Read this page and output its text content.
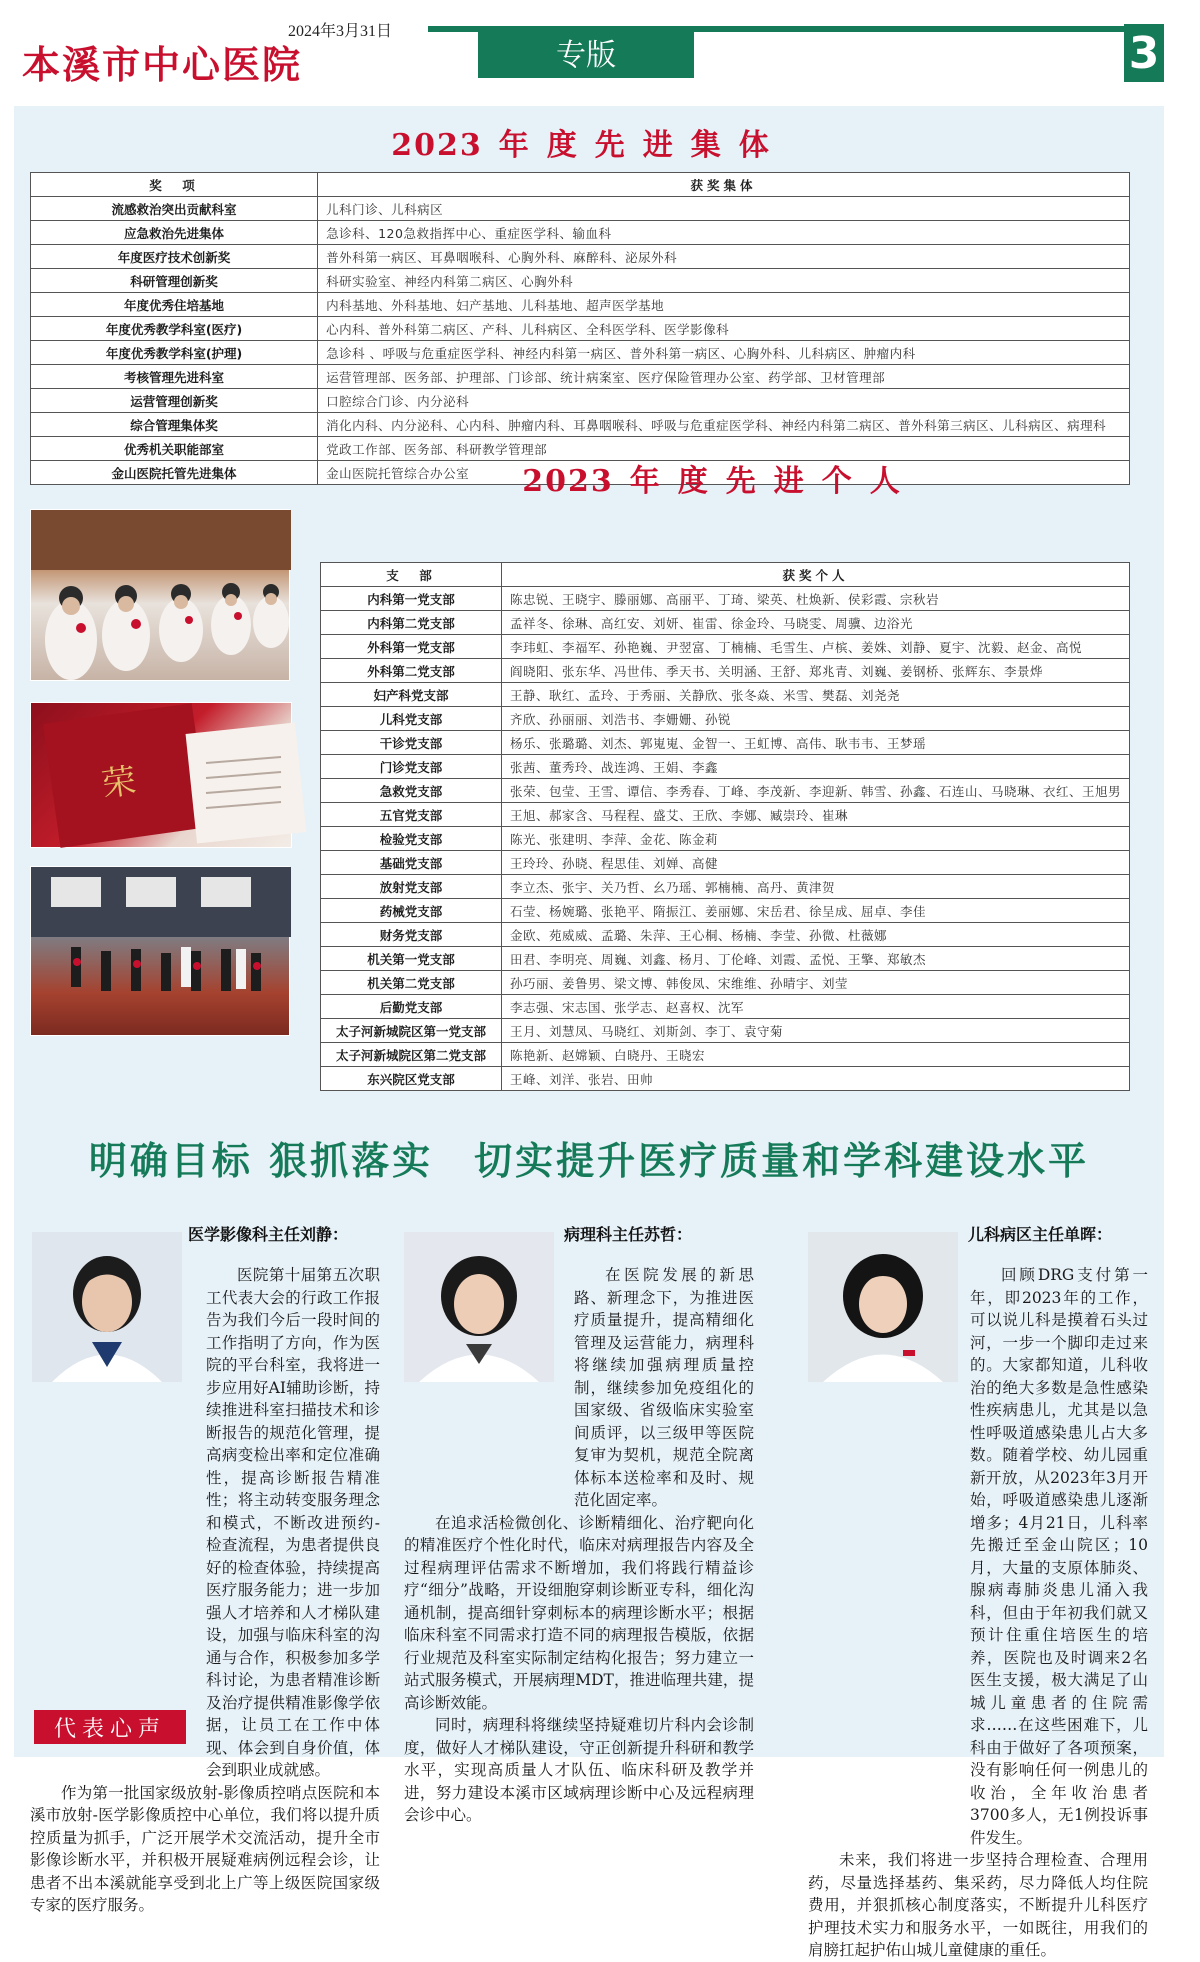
本溪市中心医院
2024年3月31日
专版	3
2023 年度先进集体
奖　项	获奖集体
流感救治突出贡献科室	儿科门诊、儿科病区
应急救治先进集体	急诊科、120急救指挥中心、重症医学科、输血科
年度医疗技术创新奖	普外科第一病区、耳鼻咽喉科、心胸外科、麻醉科、泌尿外科
科研管理创新奖	科研实验室、神经内科第二病区、心胸外科
年度优秀住培基地	内科基地、外科基地、妇产基地、儿科基地、超声医学基地
年度优秀教学科室(医疗)	心内科、普外科第二病区、产科、儿科病区、全科医学科、医学影像科
年度优秀教学科室(护理)	急诊科 、呼吸与危重症医学科、神经内科第一病区、普外科第一病区、心胸外科、儿科病区、肿瘤内科
考核管理先进科室	运营管理部、医务部、护理部、门诊部、统计病案室、医疗保险管理办公室、药学部、卫材管理部
运营管理创新奖	口腔综合门诊、内分泌科
综合管理集体奖	消化内科、内分泌科、心内科、肿瘤内科、耳鼻咽喉科、呼吸与危重症医学科、神经内科第二病区、普外科第三病区、儿科病区、病理科
优秀机关职能部室	党政工作部、医务部、科研教学管理部
金山医院托管先进集体	金山医院托管综合办公室
荣
2023 年度先进个人
支　部	获奖个人
内科第一党支部	陈忠锐、王晓宇、滕丽娜、高丽平、丁琦、梁英、杜焕新、侯彩霞、宗秋岩
内科第二党支部	孟祥冬、徐琳、高红安、刘妍、崔雷、徐金玲、马晓雯、周骥、边浴光
外科第一党支部	李玮虹、李福军、孙艳巍、尹翌富、丁楠楠、毛雪生、卢槟、姜姝、刘静、夏宇、沈毅、赵金、高悦
外科第二党支部	阎晓阳、张东华、冯世伟、季天书、关明涵、王舒、郑兆青、刘巍、姜钢桥、张辉东、李景烨
妇产科党支部	王静、耿红、孟玲、于秀丽、关静欣、张冬焱、米雪、樊磊、刘尧尧
儿科党支部	齐欣、孙丽丽、刘浩书、李姗姗、孙锐
干诊党支部	杨乐、张璐璐、刘杰、郭嵬嵬、金智一、王虹博、高伟、耿韦韦、王梦瑶
门诊党支部	张茜、董秀玲、战连鸿、王娟、李鑫
急救党支部	张荣、包莹、王雪、谭信、李秀春、丁峰、李茂新、李迎新、韩雪、孙鑫、石连山、马晓琳、衣红、王旭男
五官党支部	王旭、郝家含、马程程、盛艾、王欣、李娜、臧崇玲、崔琳
检验党支部	陈光、张建明、李萍、金花、陈金莉
基础党支部	王玲玲、孙晓、程思佳、刘婵、高健
放射党支部	李立杰、张宇、关乃哲、幺乃瑶、郭楠楠、高丹、黄津贺
药械党支部	石莹、杨婉璐、张艳平、隋振江、姜丽娜、宋岳君、徐呈成、屈卓、李佳
财务党支部	金欧、苑威威、孟璐、朱萍、王心桐、杨楠、李莹、孙微、杜薇娜
机关第一党支部	田君、李明亮、周巍、刘鑫、杨月、丁伦峰、刘霞、孟悦、王擎、郑敏杰
机关第二党支部	孙巧丽、姜鲁男、梁文博、韩俊凤、宋维维、孙晴宇、刘莹
后勤党支部	李志强、宋志国、张学志、赵喜权、沈军
太子河新城院区第一党支部	王月、刘慧凤、马晓红、刘斯剑、李丁、袁守菊
太子河新城院区第二党支部	陈艳新、赵嫦颖、白晓丹、王晓宏
东兴院区党支部	王峰、刘洋、张岩、田帅
明确目标 狠抓落实　切实提升医疗质量和学科建设水平
医学影像科主任刘静：

医院第十届第五次职工代表大会的行政工作报告为我们今后一段时间的工作指明了方向，作为医院的平台科室，我将进一步应用好AI辅助诊断，持续推进科室扫描技术和诊断报告的规范化管理，提高病变检出率和定位准确性，提高诊断报告精准性；将主动转变服务理念和模式，不断改进预约-检查流程，为患者提供良好的检查体验，持续提高医疗服务能力；进一步加强人才培养和人才梯队建设，加强与临床科室的沟通与合作，积极参加多学科讨论，为患者精准诊断及治疗提供精准影像学依据，让员工在工作中体现、体会到自身价值，体会到职业成就感。

作为第一批国家级放射-影像质控哨点医院和本溪市放射-医学影像质控中心单位，我们将以提升质控质量为抓手，广泛开展学术交流活动，提升全市影像诊断水平，并积极开展疑难病例远程会诊，让患者不出本溪就能享受到北上广等上级医院国家级专家的医疗服务。

病理科主任苏哲：

在医院发展的新思路、新理念下，为推进医疗质量提升，提高精细化管理及运营能力，病理科将继续加强病理质量控制，继续参加免疫组化的国家级、省级临床实验室间质评，以三级甲等医院复审为契机，规范全院离体标本送检率和及时、规范化固定率。

在追求活检微创化、诊断精细化、治疗靶向化的精准医疗个性化时代，临床对病理报告内容及全过程病理评估需求不断增加，我们将践行精益诊疗“细分”战略，开设细胞穿刺诊断亚专科，细化沟通机制，提高细针穿刺标本的病理诊断水平；根据临床科室不同需求打造不同的病理报告模版，依据行业规范及科室实际制定结构化报告；努力建立一站式服务模式，开展病理MDT，推进临理共建，提高诊断效能。

同时，病理科将继续坚持疑难切片科内会诊制度，做好人才梯队建设，守正创新提升科研和教学水平，实现高质量人才队伍、临床科研及教学并进，努力建设本溪市区域病理诊断中心及远程病理会诊中心。

儿科病区主任单晖：

回顾DRG支付第一年，即2023年的工作，可以说儿科是摸着石头过河，一步一个脚印走过来的。大家都知道，儿科收治的绝大多数是急性感染性疾病患儿，尤其是以急性呼吸道感染患儿占大多数。随着学校、幼儿园重新开放，从2023年3月开始，呼吸道感染患儿逐渐增多；4月21日，儿科率先搬迁至金山院区；10月，大量的支原体肺炎、腺病毒肺炎患儿涌入我科，但由于年初我们就又预计住重住培医生的培养，医院也及时调来2名医生支援，极大满足了山城儿童患者的住院需求……在这些困难下，儿科由于做好了各项预案，没有影响任何一例患儿的收治，全年收治患者3700多人，无1例投诉事件发生。

未来，我们将进一步坚持合理检查、合理用药，尽量选择基药、集采药，尽力降低人均住院费用，并狠抓核心制度落实，不断提升儿科医疗护理技术实力和服务水平，一如既往，用我们的肩膀扛起护佑山城儿童健康的重任。

代表心声
